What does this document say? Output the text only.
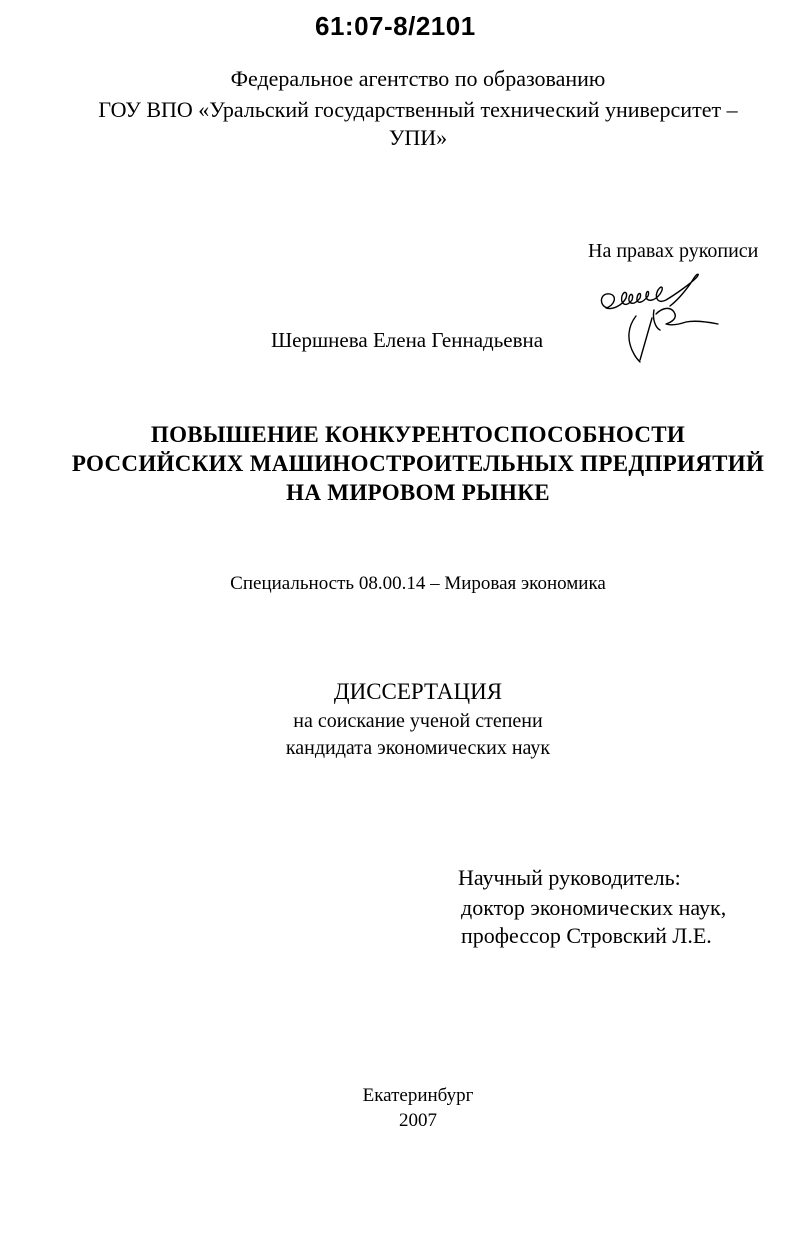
61:07-8/2101
Федеральное агентство по образованию
ГОУ ВПО «Уральский государственный технический университет –
УПИ»
На правах рукописи
Шершнева Елена Геннадьевна
ПОВЫШЕНИЕ КОНКУРЕНТОСПОСОБНОСТИ
РОССИЙСКИХ МАШИНОСТРОИТЕЛЬНЫХ ПРЕДПРИЯТИЙ
НА МИРОВОМ РЫНКЕ
Специальность 08.00.14 – Мировая экономика
ДИССЕРТАЦИЯ
на соискание ученой степени
кандидата экономических наук
Научный руководитель:
доктор экономических наук,
профессор Стровский Л.Е.
Екатеринбург
2007
